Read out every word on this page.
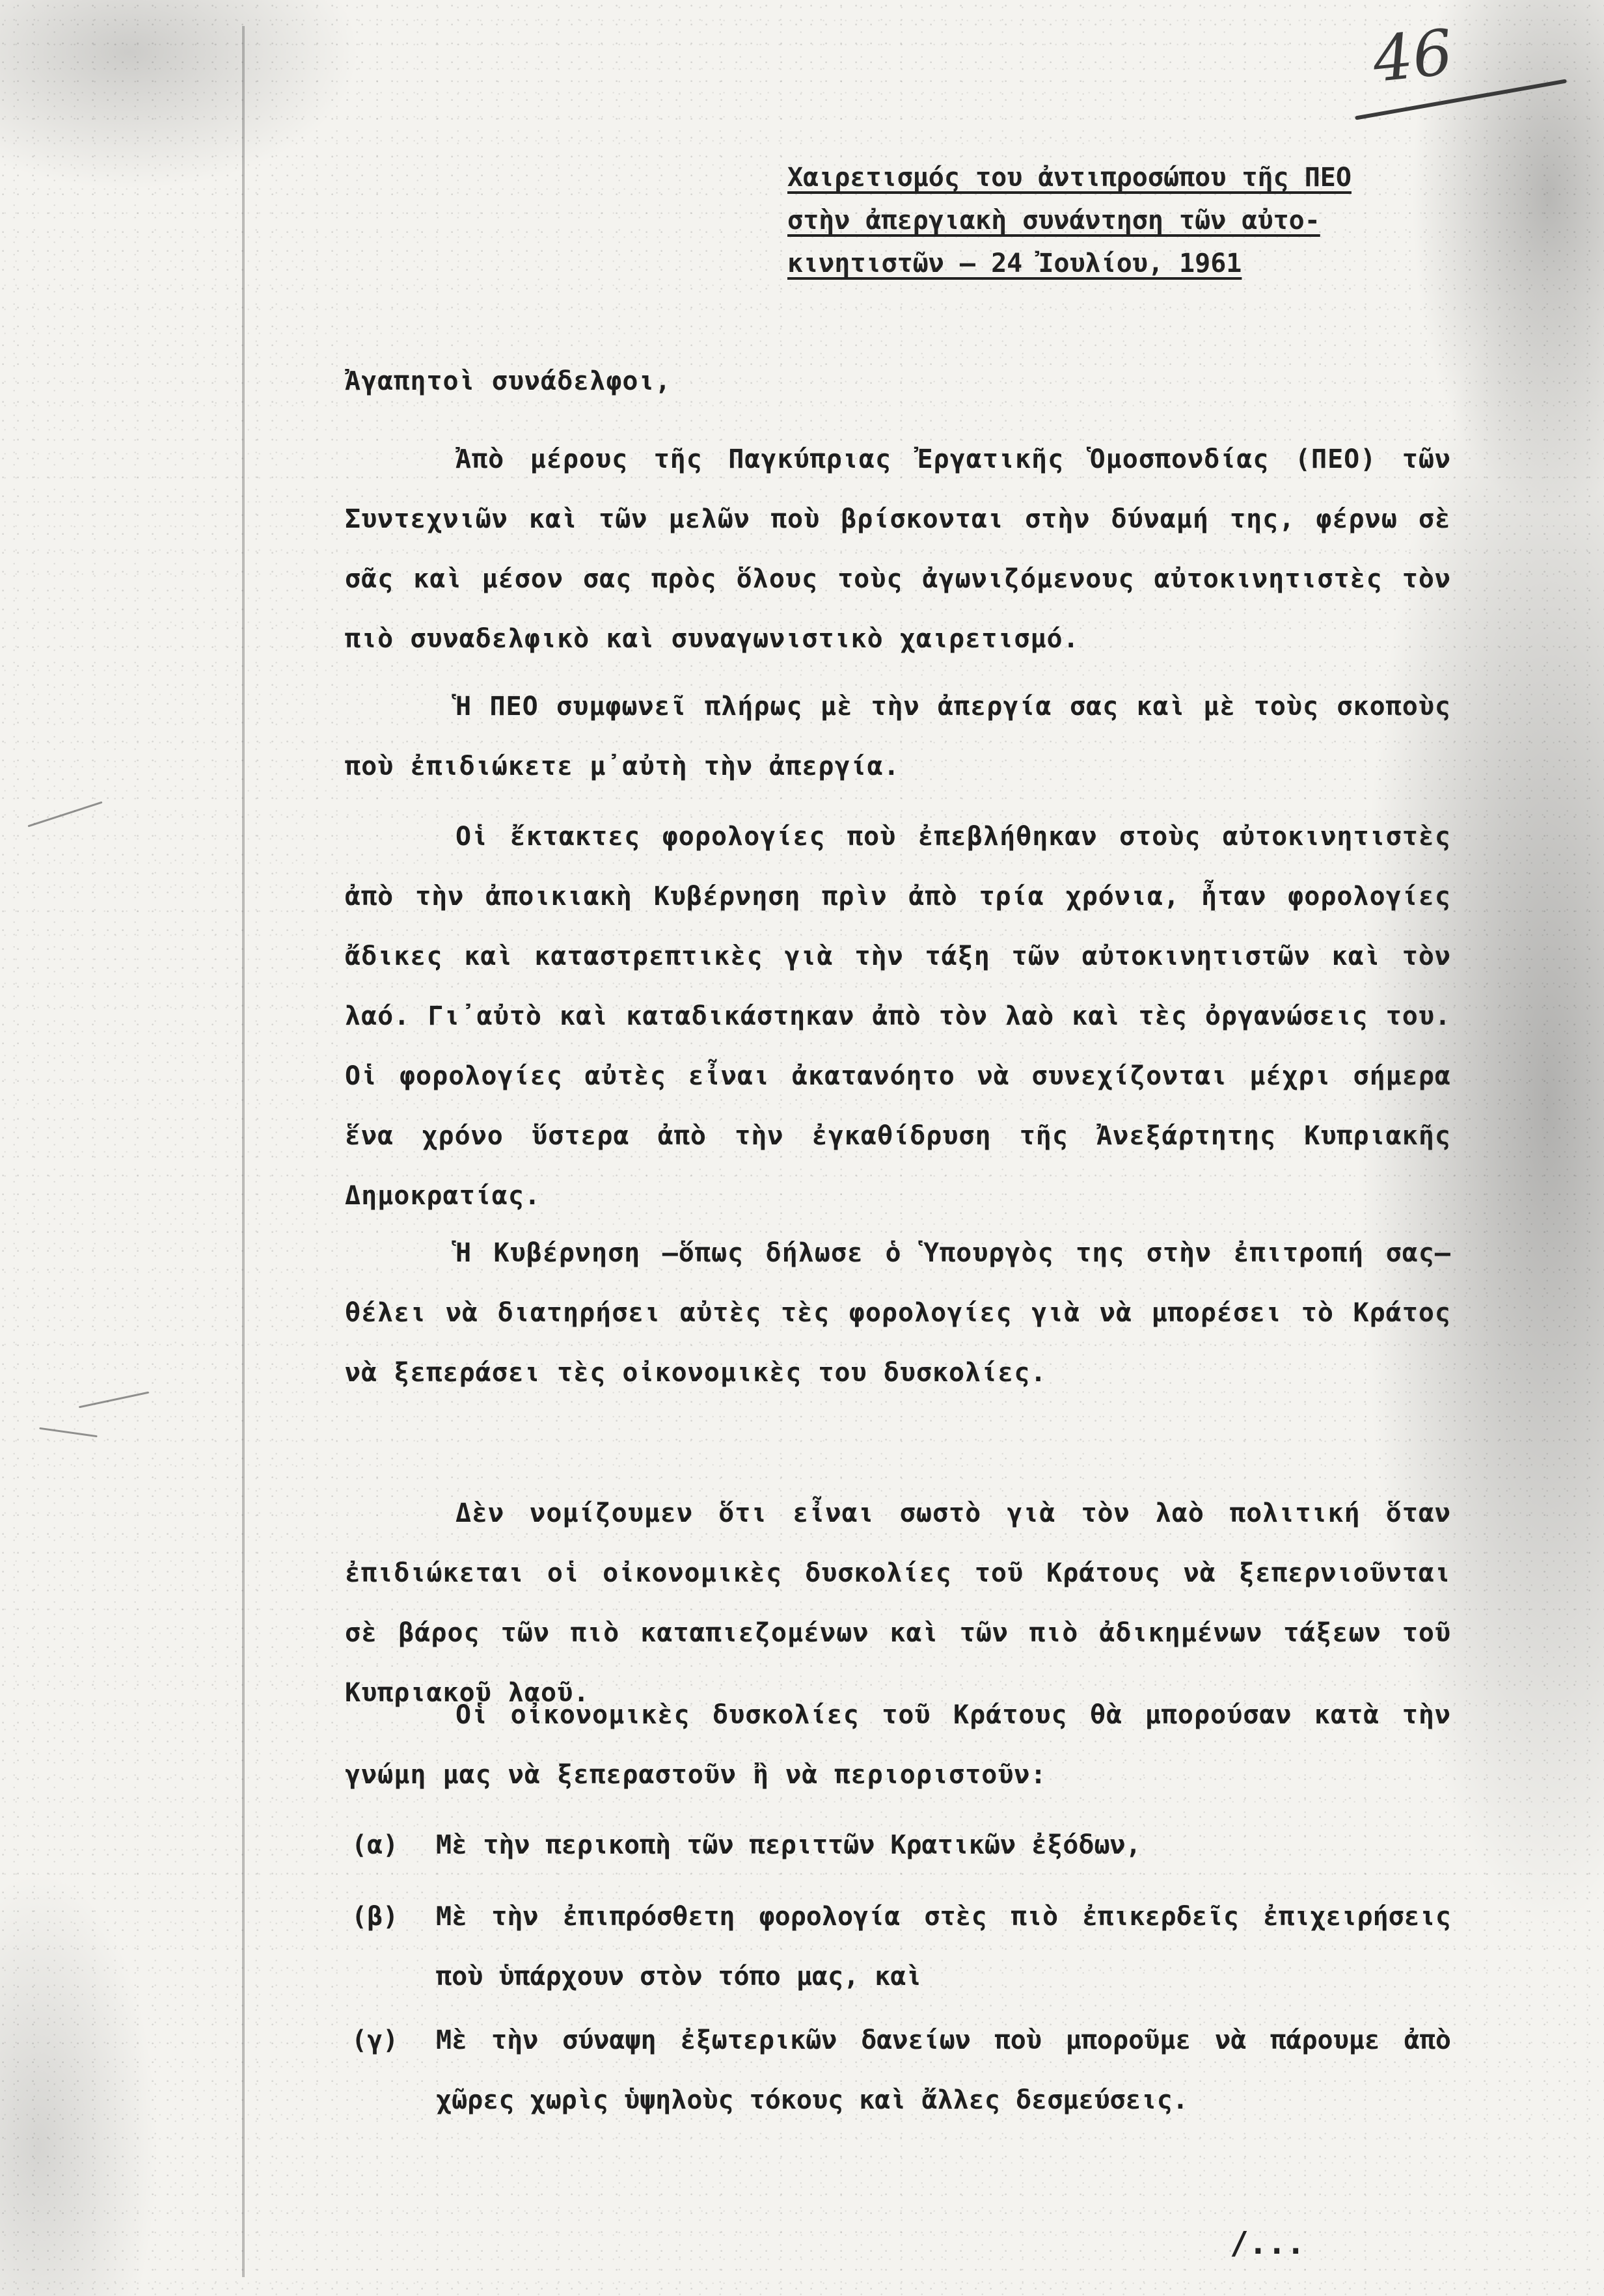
46
Χαιρετισμός του ἀντιπροσώπου τῆς ΠΕΟ
στὴν ἀπεργιακὴ συνάντηση τῶν αὐτο-
κινητιστῶν — 24 Ἰουλίου, 1961
Ἀγαπητοὶ συνάδελφοι,
Ἀπὸ μέρους τῆς Παγκύπριας Ἐργατικῆς Ὁμοσπονδίας (ΠΕΟ) τῶν Συντεχνιῶν καὶ τῶν μελῶν ποὺ βρίσκονται στὴν δύναμή της, φέρνω σὲ σᾶς καὶ μέσον σας πρὸς ὅλους τοὺς ἀγωνιζόμενους αὐτοκινητιστὲς τὸν πιὸ συναδελφικὸ καὶ συναγωνιστικὸ χαιρετισμό.
Ἡ ΠΕΟ συμφωνεῖ πλήρως μὲ τὴν ἀπεργία σας καὶ μὲ τοὺς σκοποὺς ποὺ ἐπιδιώκετε μ᾽αὐτὴ τὴν ἀπεργία.
Οἱ ἔκτακτες φορολογίες ποὺ ἐπεβλήθηκαν στοὺς αὐτοκινητιστὲς ἀπὸ τὴν ἀποικιακὴ Κυβέρνηση πρὶν ἀπὸ τρία χρόνια, ἦταν φορολογίες ἄδικες καὶ καταστρεπτικὲς γιὰ τὴν τάξη τῶν αὐτοκινητιστῶν καὶ τὸν λαό. Γι᾽αὐτὸ καὶ καταδικάστηκαν ἀπὸ τὸν λαὸ καὶ τὲς ὀργανώσεις του. Οἱ φορολογίες αὐτὲς εἶναι ἀκατανόητο νὰ συνεχίζονται μέχρι σήμερα ἕνα χρόνο ὕστερα ἀπὸ τὴν ἐγκαθίδρυση τῆς Ἀνεξάρτητης Κυπριακῆς Δημοκρατίας.
Ἡ Κυβέρνηση —ὅπως δήλωσε ὁ Ὑπουργὸς της στὴν ἐπιτροπή σας— θέλει νὰ διατηρήσει αὐτὲς τὲς φορολογίες γιὰ νὰ μπορέσει τὸ Κράτος νὰ ξεπεράσει τὲς οἰκονομικὲς του δυσκολίες.
Δὲν νομίζουμεν ὅτι εἶναι σωστὸ γιὰ τὸν λαὸ πολιτική ὅταν ἐπιδιώκεται οἱ οἰκονομικὲς δυσκολίες τοῦ Κράτους νὰ ξεπερνιοῦνται σὲ βάρος τῶν πιὸ καταπιεζομένων καὶ τῶν πιὸ ἀδικημένων τάξεων τοῦ Κυπριακοῦ λαοῦ.
Οἱ οἰκονομικὲς δυσκολίες τοῦ Κράτους θὰ μπορούσαν κατὰ τὴν γνώμη μας νὰ ξεπεραστοῦν ἢ νὰ περιοριστοῦν:
(α)	Μὲ τὴν περικοπὴ τῶν περιττῶν Κρατικῶν ἐξόδων,
(β)	Μὲ τὴν ἐπιπρόσθετη φορολογία στὲς πιὸ ἐπικερδεῖς ἐπιχειρήσεις ποὺ ὑπάρχουν στὸν τόπο μας, καὶ
(γ)	Μὲ τὴν σύναψη ἐξωτερικῶν δανείων ποὺ μποροῦμε νὰ πάρουμε ἀπὸ χῶρες χωρὶς ὑψηλοὺς τόκους καὶ ἄλλες δεσμεύσεις.
/...
